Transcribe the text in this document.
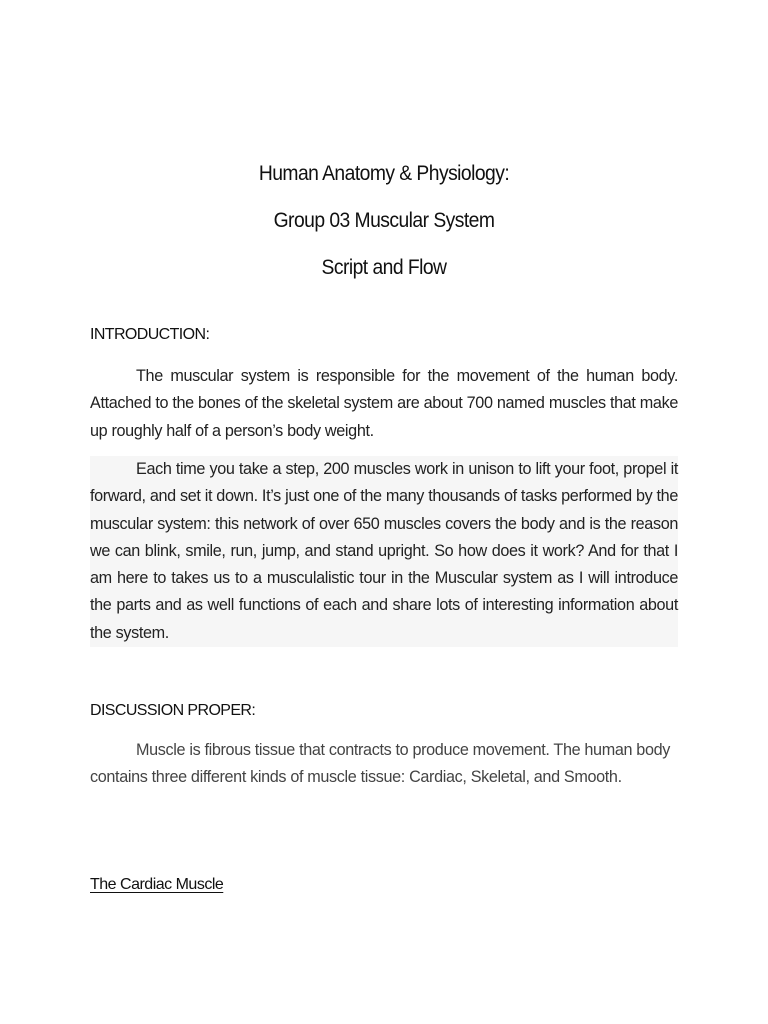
Human Anatomy & Physiology:
Group 03 Muscular System
Script and Flow
INTRODUCTION:
The muscular system is responsible for the movement of the human body. Attached to the bones of the skeletal system are about 700 named muscles that make up roughly half of a person’s body weight.
Each time you take a step, 200 muscles work in unison to lift your foot, propel it forward, and set it down. It’s just one of the many thousands of tasks performed by the muscular system: this network of over 650 muscles covers the body and is the reason we can blink, smile, run, jump, and stand upright. So how does it work? And for that I am here to takes us to a musculalistic tour in the Muscular system as I will introduce the parts and as well functions of each and share lots of interesting information about the system.
DISCUSSION PROPER:
Muscle is fibrous tissue that contracts to produce movement. The human body contains three different kinds of muscle tissue: Cardiac, Skeletal, and Smooth.
The Cardiac Muscle
